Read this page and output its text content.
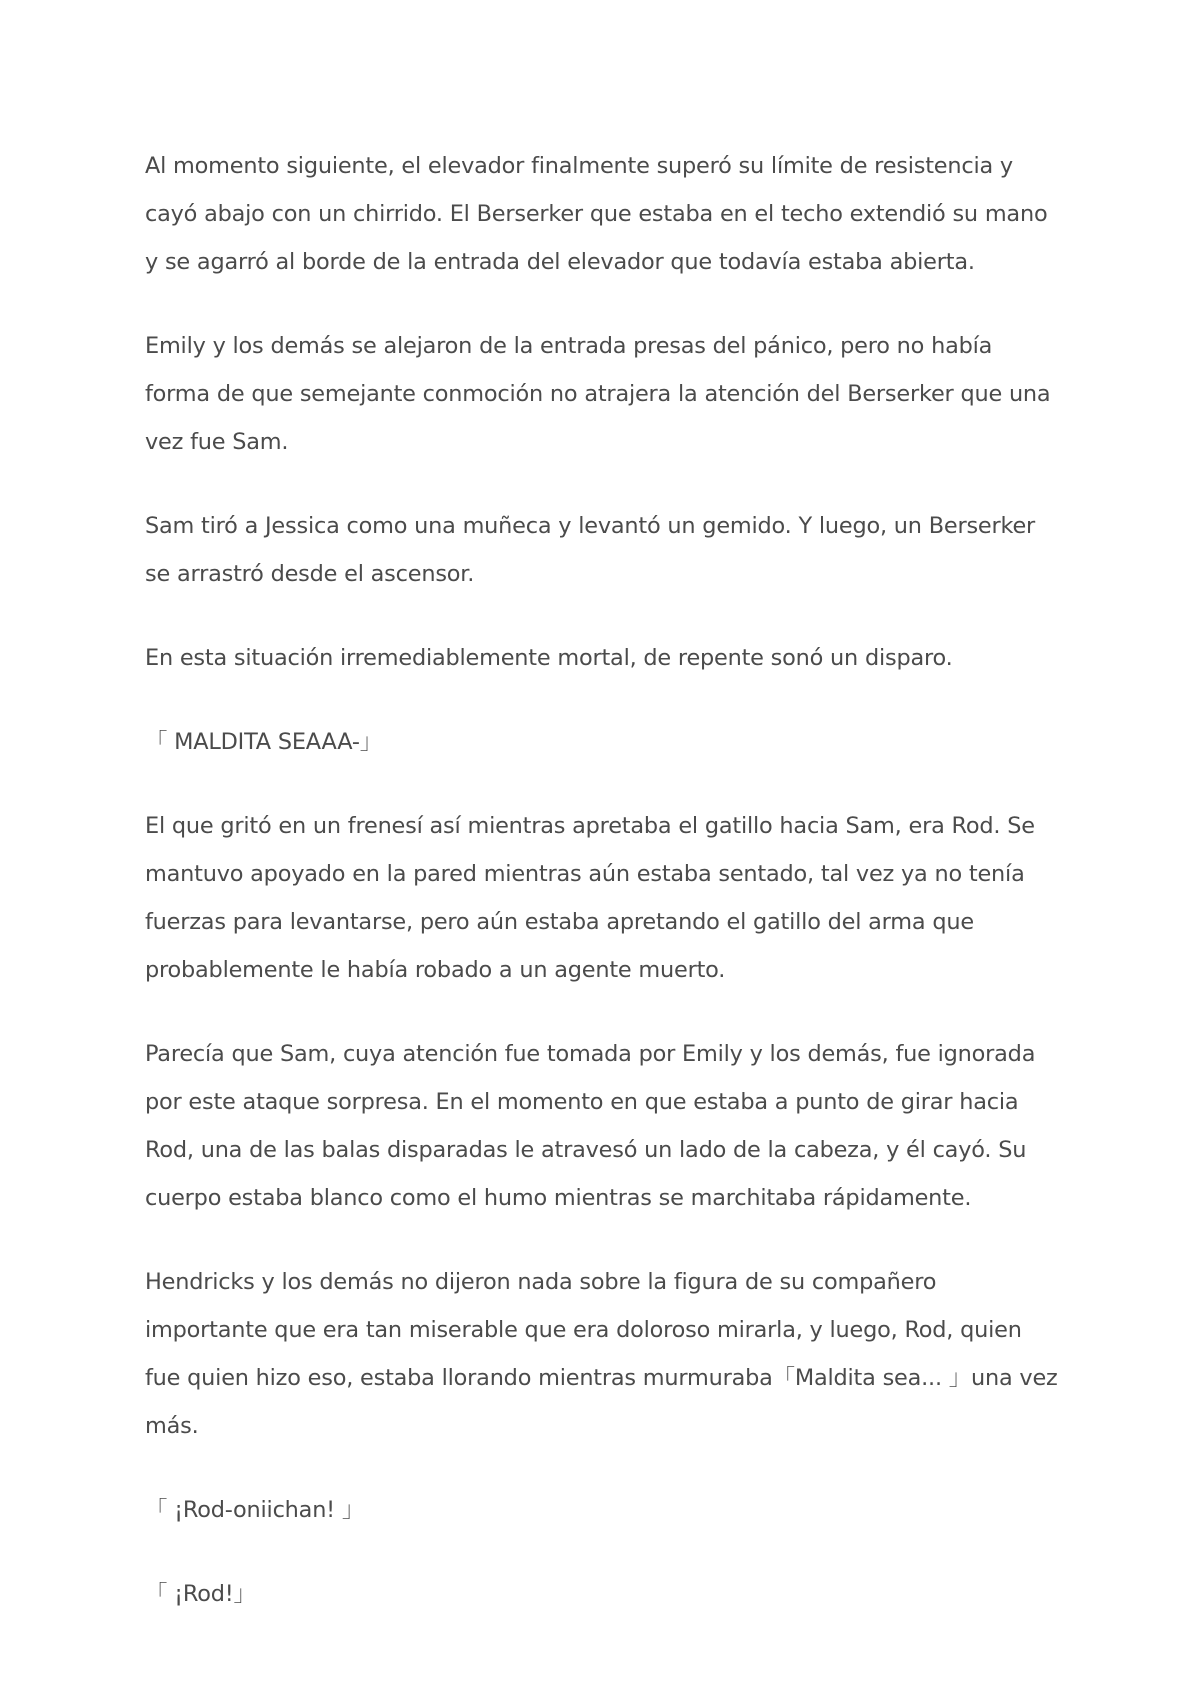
Al momento siguiente, el elevador finalmente superó su límite de resistencia y cayó abajo con un chirrido. El Berserker que estaba en el techo extendió su mano y se agarró al borde de la entrada del elevador que todavía estaba abierta.

Emily y los demás se alejaron de la entrada presas del pánico, pero no había forma de que semejante conmoción no atrajera la atención del Berserker que una vez fue Sam.

Sam tiró a Jessica como una muñeca y levantó un gemido. Y luego, un Berserker se arrastró desde el ascensor.

En esta situación irremediablemente mortal, de repente sonó un disparo.

「 MALDITA SEAAA-」

El que gritó en un frenesí así mientras apretaba el gatillo hacia Sam, era Rod. Se mantuvo apoyado en la pared mientras aún estaba sentado, tal vez ya no tenía fuerzas para levantarse, pero aún estaba apretando el gatillo del arma que probablemente le había robado a un agente muerto.

Parecía que Sam, cuya atención fue tomada por Emily y los demás, fue ignorada por este ataque sorpresa. En el momento en que estaba a punto de girar hacia Rod, una de las balas disparadas le atravesó un lado de la cabeza, y él cayó. Su cuerpo estaba blanco como el humo mientras se marchitaba rápidamente.

Hendricks y los demás no dijeron nada sobre la figura de su compañero importante que era tan miserable que era doloroso mirarla, y luego, Rod, quien fue quien hizo eso, estaba llorando mientras murmuraba「Maldita sea... 」una vez más.

「 ¡Rod-oniichan! 」

「 ¡Rod!」
